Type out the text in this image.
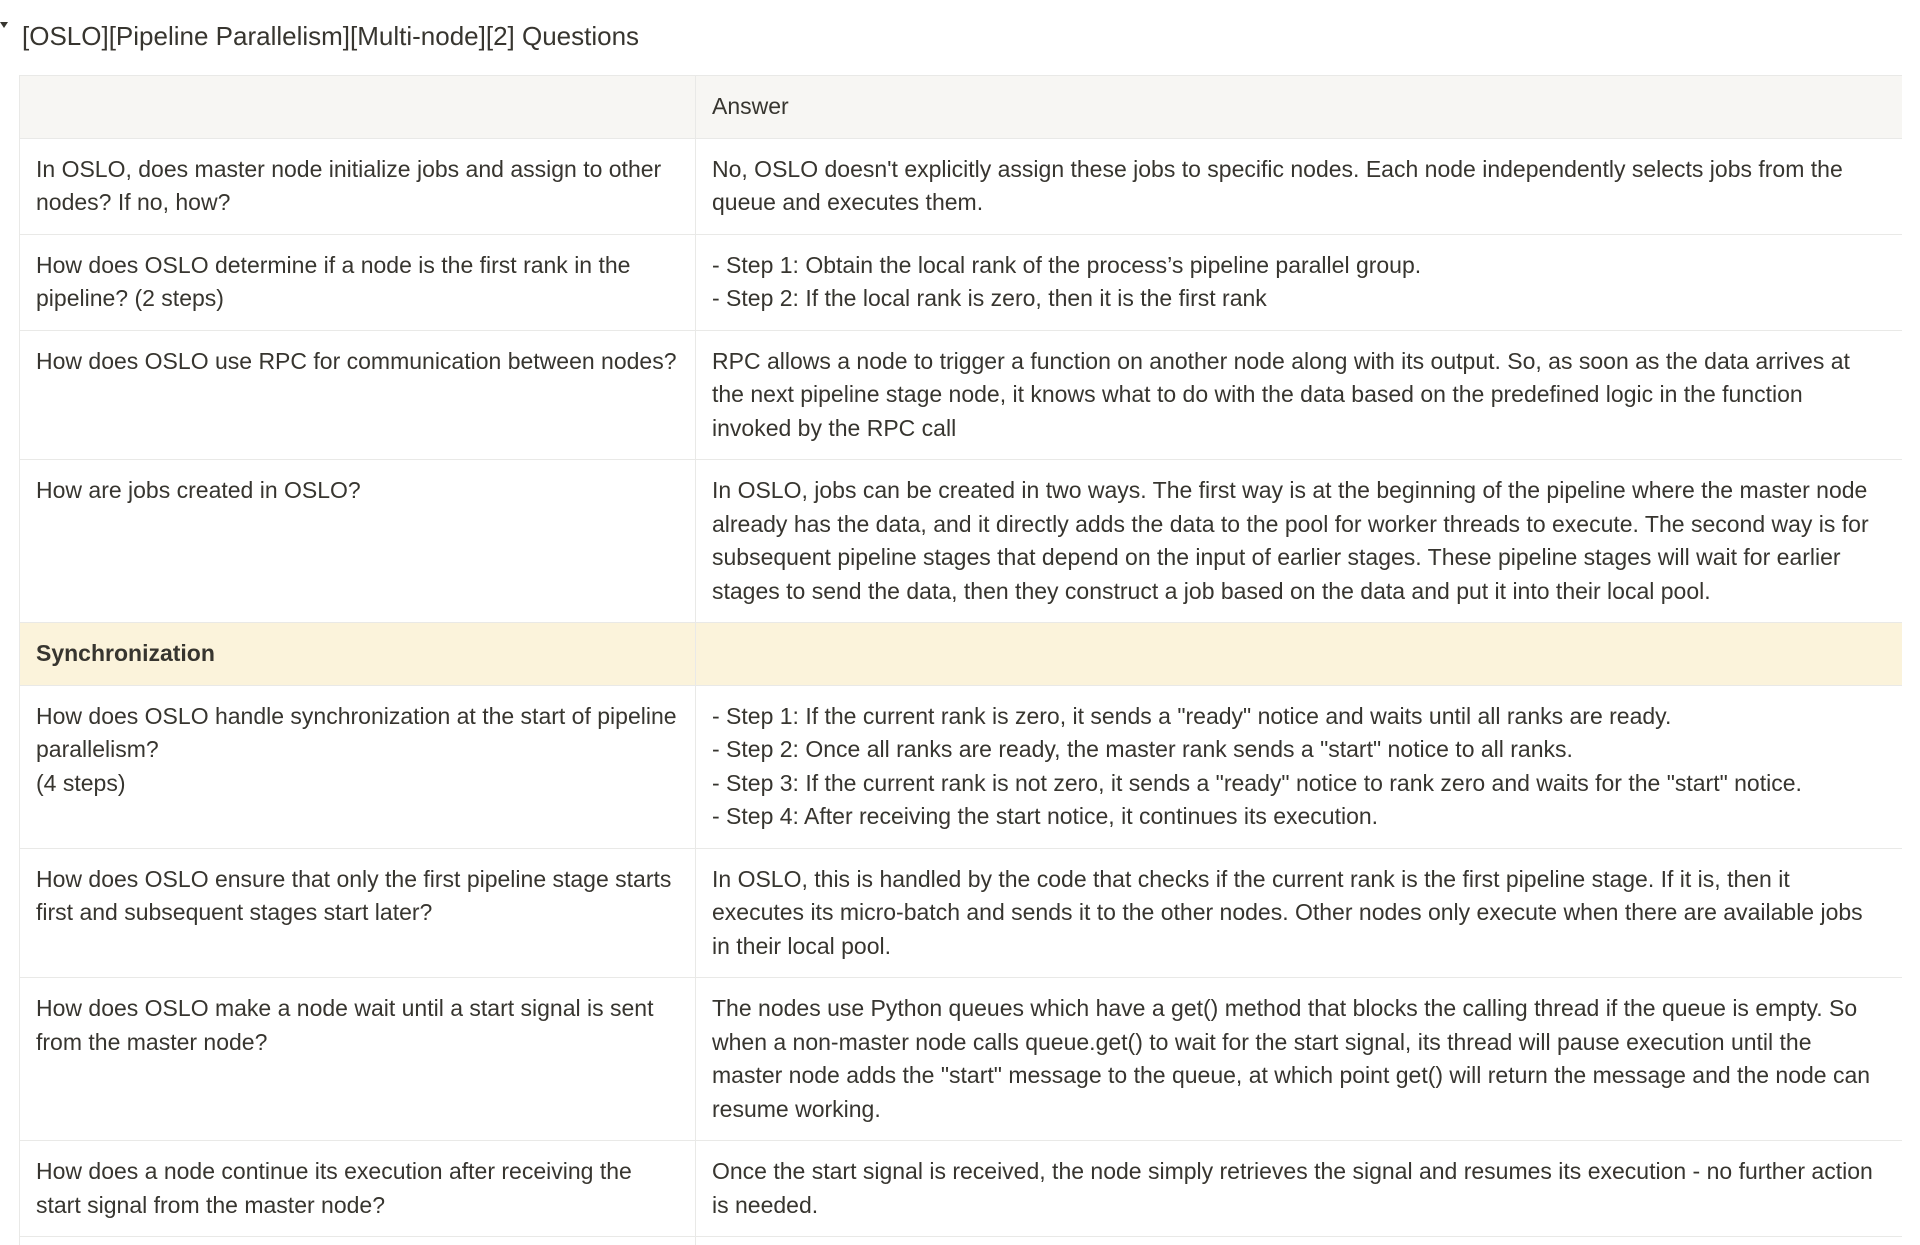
[OSLO][Pipeline Parallelism][Multi-node][2] Questions
	Answer
In OSLO, does master node initialize jobs and assign to other nodes? If no, how?	No, OSLO doesn't explicitly assign these jobs to specific nodes. Each node independently selects jobs from the queue and executes them.
How does OSLO determine if a node is the first rank in the pipeline? (2 steps)	- Step 1: Obtain the local rank of the process’s pipeline parallel group.
- Step 2: If the local rank is zero, then it is the first rank
How does OSLO use RPC for communication between nodes?	RPC allows a node to trigger a function on another node along with its output. So, as soon as the data arrives at the next pipeline stage node, it knows what to do with the data based on the predefined logic in the function invoked by the RPC call
How are jobs created in OSLO?	In OSLO, jobs can be created in two ways. The first way is at the beginning of the pipeline where the master node already has the data, and it directly adds the data to the pool for worker threads to execute. The second way is for subsequent pipeline stages that depend on the input of earlier stages. These pipeline stages will wait for earlier stages to send the data, then they construct a job based on the data and put it into their local pool.
Synchronization	
How does OSLO handle synchronization at the start of pipeline parallelism?
(4 steps)	- Step 1: If the current rank is zero, it sends a "ready" notice and waits until all ranks are ready.
- Step 2: Once all ranks are ready, the master rank sends a "start" notice to all ranks.
- Step 3: If the current rank is not zero, it sends a "ready" notice to rank zero and waits for the "start" notice.
- Step 4: After receiving the start notice, it continues its execution.
How does OSLO ensure that only the first pipeline stage starts first and subsequent stages start later?	In OSLO, this is handled by the code that checks if the current rank is the first pipeline stage. If it is, then it executes its micro-batch and sends it to the other nodes. Other nodes only execute when there are available jobs in their local pool.
How does OSLO make a node wait until a start signal is sent from the master node?	The nodes use Python queues which have a get() method that blocks the calling thread if the queue is empty. So when a non-master node calls queue.get() to wait for the start signal, its thread will pause execution until the master node adds the "start" message to the queue, at which point get() will return the message and the node can resume working.
How does a node continue its execution after receiving the start signal from the master node?	Once the start signal is received, the node simply retrieves the signal and resumes its execution - no further action is needed.
